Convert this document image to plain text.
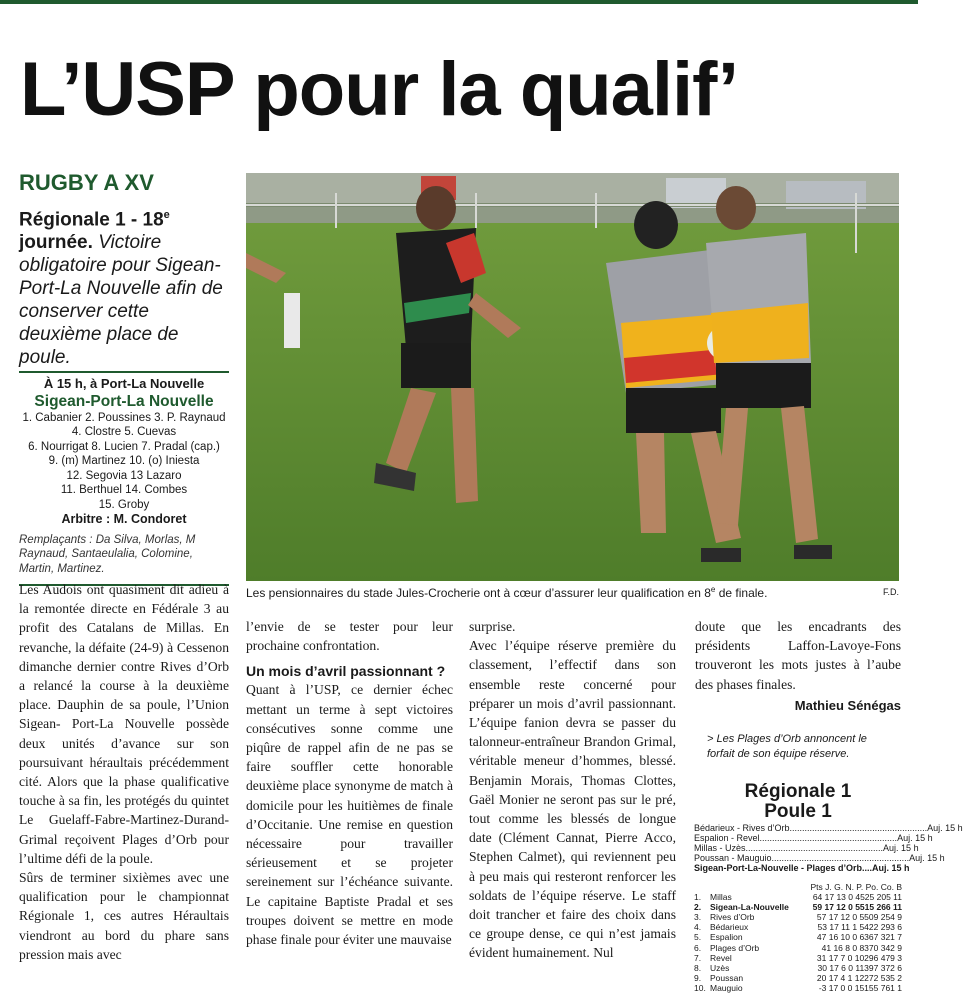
L’USP pour la qualif’
RUGBY A XV
Régionale 1 - 18e journée. Victoire obligatoire pour Sigean-Port-La Nouvelle afin de conserver cette deuxième place de poule.
À 15 h, à Port-La Nouvelle
Sigean-Port-La Nouvelle
1. Cabanier 2. Poussines 3. P. Raynaud
4. Clostre 5. Cuevas
6. Nourrigat 8. Lucien 7. Pradal (cap.)
9. (m) Martinez 10. (o) Iniesta
12. Segovia 13 Lazaro
11. Berthuel 14. Combes
15. Groby
Arbitre : M. Condoret
Remplaçants : Da Silva, Morlas, M Raynaud, Santaeulalia, Colomine, Martin, Martinez.
Les pensionnaires du stade Jules-Crocherie ont à cœur d’assurer leur qualification en 8e de finale.	F.D.

Les Audois ont quasiment dit adieu à la remontée directe en Fédérale 3 au profit des Catalans de Millas. En revanche, la défaite (24-9) à Cessenon dimanche dernier contre Rives d’Orb a relancé la course à la deuxième place. Dauphin de sa poule, l’Union Sigean- Port-La Nouvelle possède deux unités d’avance sur son poursuivant héraultais précédemment cité. Alors que la phase qualificative touche à sa fin, les protégés du quintet Le Guelaff-Fabre-Martinez-Durand-Grimal reçoivent Plages d’Orb pour l’ultime défi de la poule.

Sûrs de terminer sixièmes avec une qualification pour le championnat Régionale 1, ces autres Héraultais viendront au bord du phare sans pression mais avec

l’envie de se tester pour leur prochaine confrontation.

Un mois d’avril passionnant ?

Quant à l’USP, ce dernier échec mettant un terme à sept victoires consécutives sonne comme une piqûre de rappel afin de ne pas se faire souffler cette honorable deuxième place synonyme de match à domicile pour les huitièmes de finale d’Occitanie. Une remise en question nécessaire pour travailler sérieusement et se projeter sereinement sur l’échéance suivante. Le capitaine Baptiste Pradal et ses troupes doivent se mettre en mode phase finale pour éviter une mauvaise

surprise.

Avec l’équipe réserve première du classement, l’effectif dans son ensemble reste concerné pour préparer un mois d’avril passionnant. L’équipe fanion devra se passer du talonneur-entraîneur Brandon Grimal, véritable meneur d’hommes, blessé. Benjamin Morais, Thomas Clottes, Gaël Monier ne seront pas sur le pré, tout comme les blessés de longue date (Clément Cannat, Pierre Acco, Stephen Calmet), qui reviennent peu à peu mais qui resteront renforcer les soldats de l’équipe réserve. Le staff doit trancher et faire des choix dans ce groupe dense, ce qui n’est jamais évident humainement. Nul

doute que les encadrants des présidents Laffon-Lavoye-Fons trouveront les mots justes à l’aube des phases finales.

Mathieu Sénégas
> Les Plages d’Orb annoncent le forfait de son équipe réserve.
Régionale 1
Poule 1
Bédarieux - Rives d’Orb ....................................................... Auj. 15 h
Espalion - Revel ....................................................... Auj. 15 h
Millas - Uzès ....................................................... Auj. 15 h
Poussan - Mauguio ....................................................... Auj. 15 h
Sigean-Port-La-Nouvelle - Plages d’Orb .... Auj. 15 h
Pts J. G. N. P. Po. Co. B
1.	Millas	64 17 13 0 4525 205 11
2.	Sigean-La-Nouvelle	59 17 12 0 5515 266 11
3.	Rives d’Orb	57 17 12 0 5509 254 9
4.	Bédarieux	53 17 11 1 5422 293 6
5.	Espalion	47 16 10 0 6367 321 7
6.	Plages d’Orb	41 16 8 0 8370 342 9
7.	Revel	31 17 7 0 10296 479 3
8.	Uzès	30 17 6 0 11397 372 6
9.	Poussan	20 17 4 1 12272 535 2
10. Mauguio	-3 17 0 0 15155 761 1
